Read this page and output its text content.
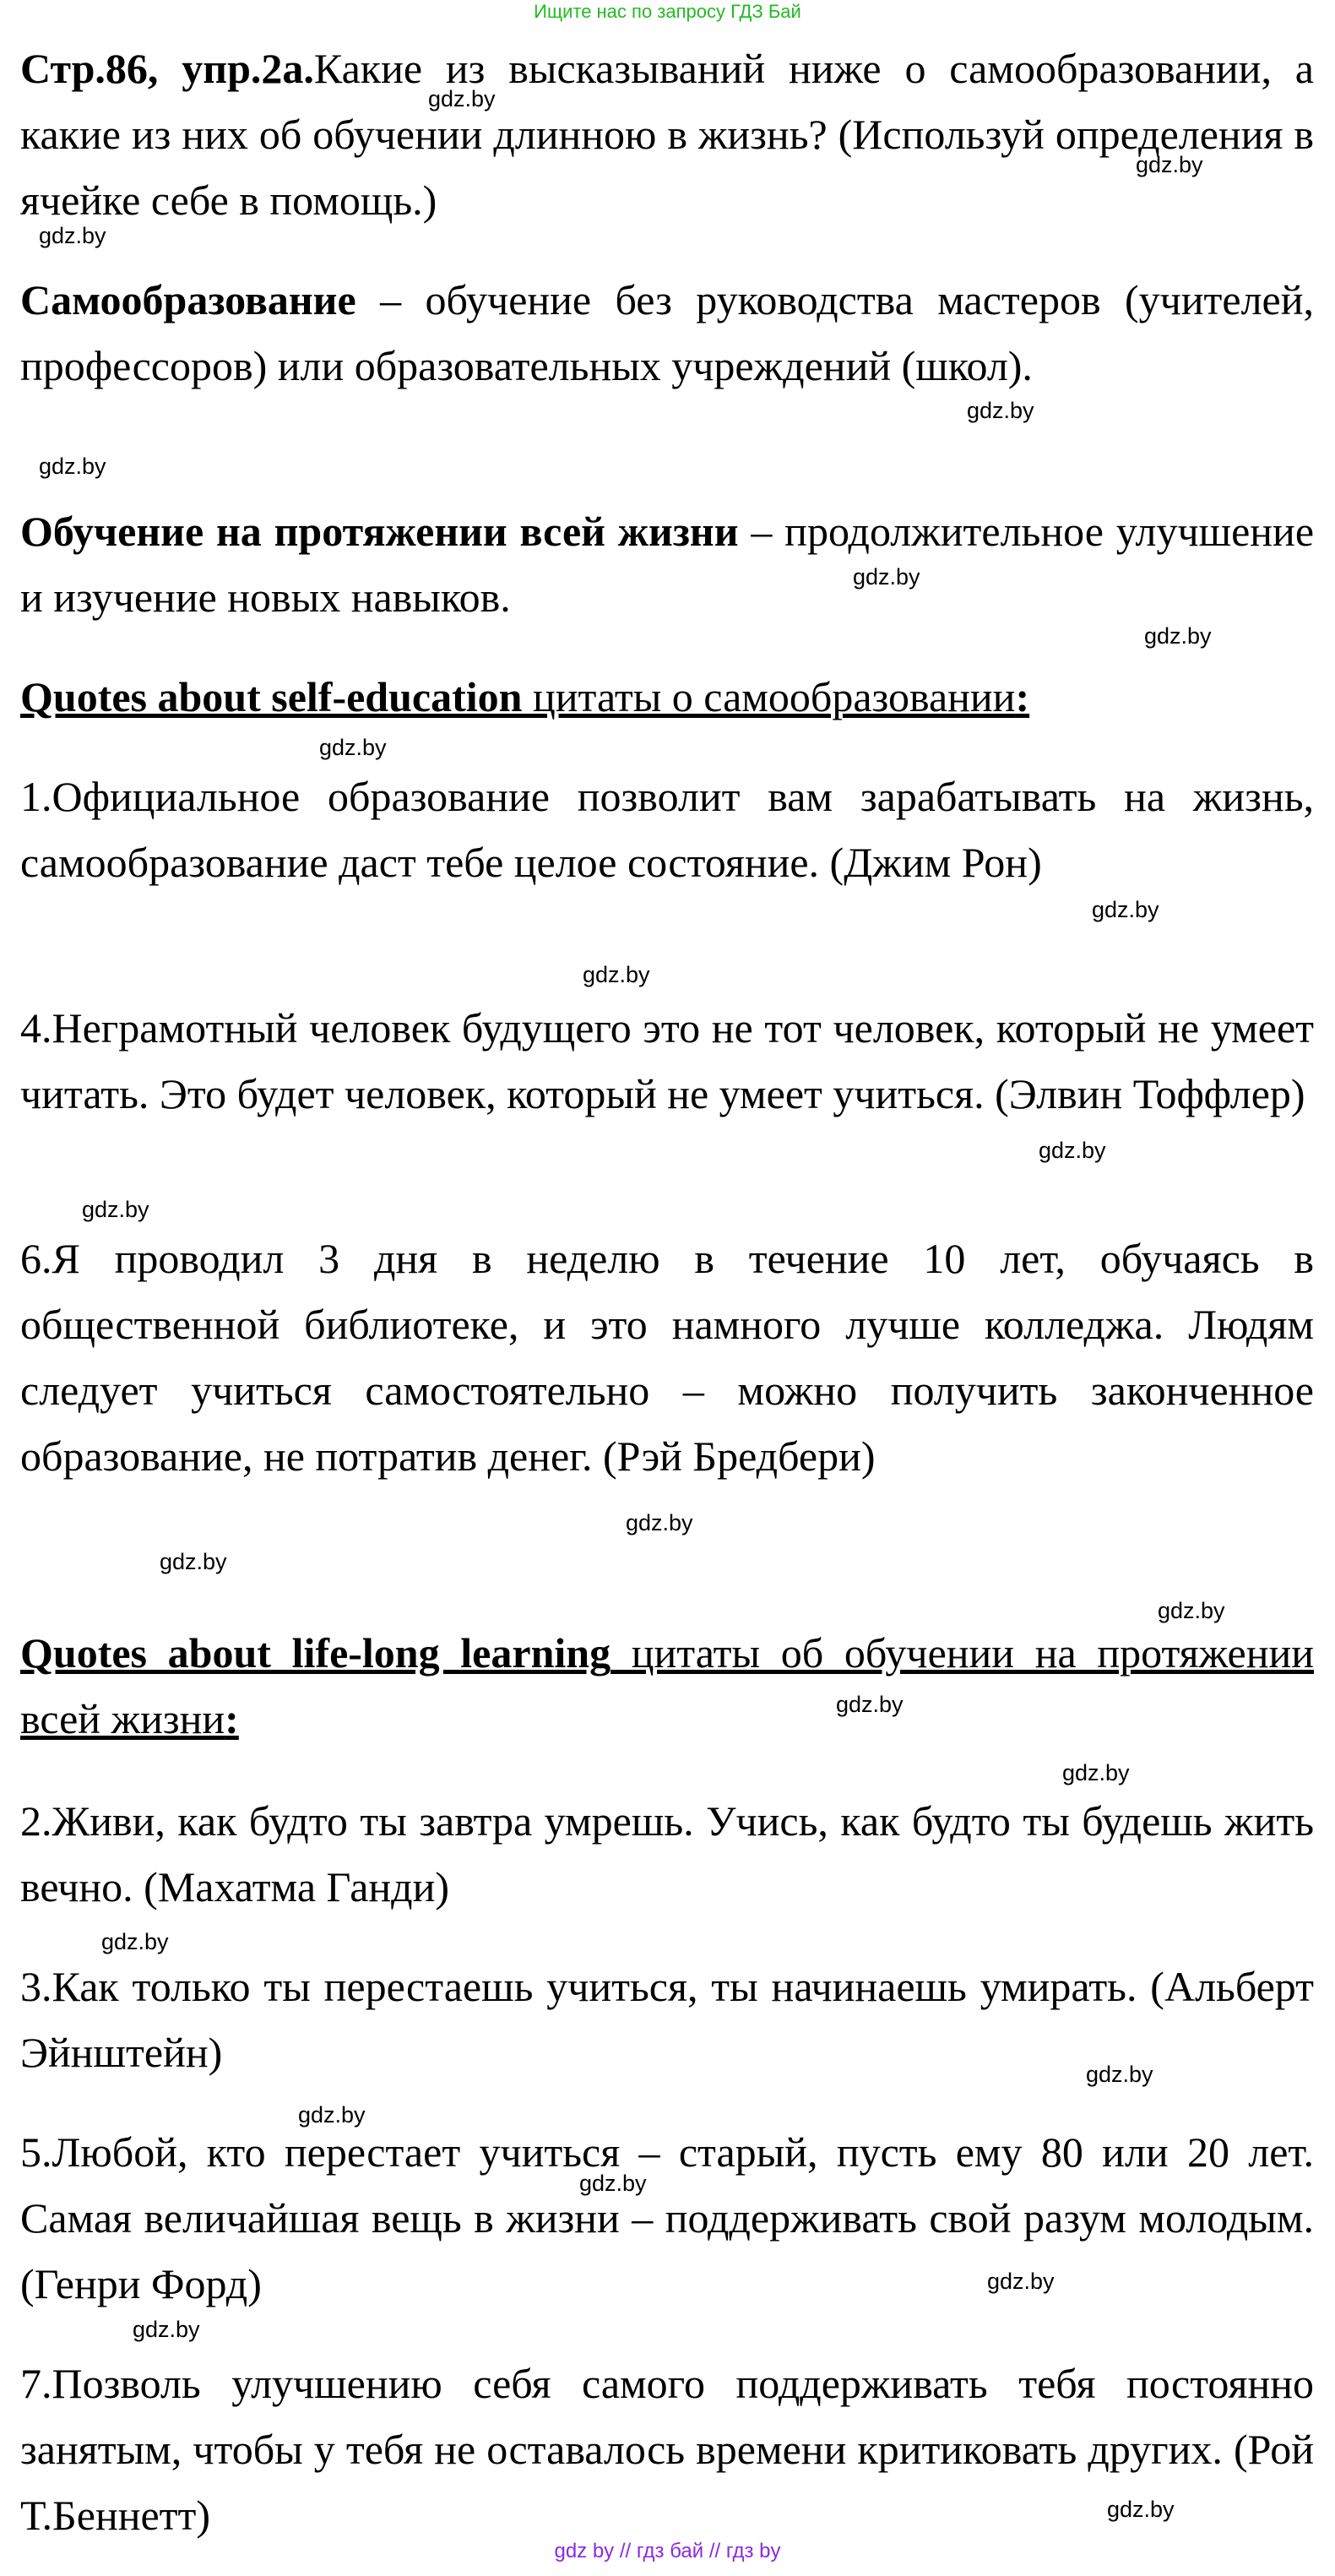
Ищите нас по запросу ГДЗ Бай

Стр.86, упр.2а.Какие из высказываний ниже о самообразовании, а какие из них об обучении длинною в жизнь? (Используй определения в ячейке себе в помощь.)

Самообразование – обучение без руководства мастеров (учителей, профессоров) или образовательных учреждений (школ).

Обучение на протяжении всей жизни – продолжительное улучшение и изучение новых навыков.

Quotes about self-education цитаты о самообразовании:

1.Официальное образование позволит вам зарабатывать на жизнь, самообразование даст тебе целое состояние. (Джим Рон)

4.Неграмотный человек будущего это не тот человек, который не умеет читать. Это будет человек, который не умеет учиться. (Элвин Тоффлер)

6.Я проводил 3 дня в неделю в течение 10 лет, обучаясь в общественной библиотеке, и это намного лучше колледжа. Людям следует учиться самостоятельно – можно получить законченное образование, не потратив денег. (Рэй Бредбери)

Quotes about life-long learning цитаты об обучении на протяжении всей жизни:

2.Живи, как будто ты завтра умрешь. Учись, как будто ты будешь жить вечно. (Махатма Ганди)

3.Как только ты перестаешь учиться, ты начинаешь умирать. (Альберт Эйнштейн)

5.Любой, кто перестает учиться – старый, пусть ему 80 или 20 лет. Самая величайшая вещь в жизни – поддерживать свой разум молодым. (Генри Форд)

7.Позволь улучшению себя самого поддерживать тебя постоянно занятым, чтобы у тебя не оставалось времени критиковать других. (Рой Т.Беннетт)

gdz.by
gdz.by
gdz.by
gdz.by
gdz.by
gdz.by
gdz.by
gdz.by
gdz.by
gdz.by
gdz.by
gdz.by
gdz.by
gdz.by
gdz.by
gdz.by
gdz.by
gdz.by
gdz.by
gdz.by
gdz.by
gdz.by
gdz.by
gdz.by
gdz by // гдз бай // гдз by
